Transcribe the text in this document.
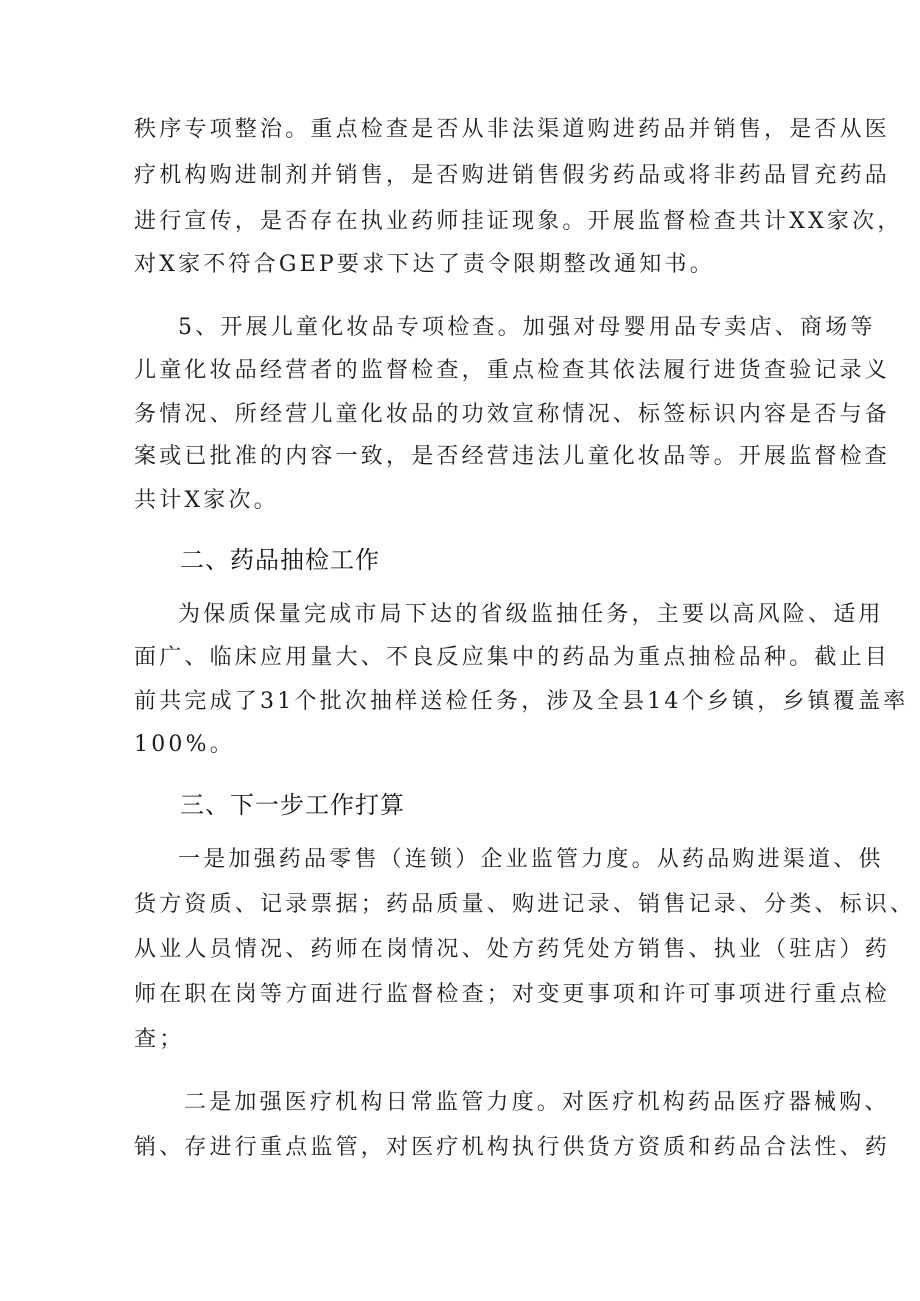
秩序专项整治。重点检查是否从非法渠道购进药品并销售，是否从医
疗机构购进制剂并销售，是否购进销售假劣药品或将非药品冒充药品
进行宣传，是否存在执业药师挂证现象。开展监督检查共计XX家次，
对X家不符合GΕP要求下达了责令限期整改通知书。
5、开展儿童化妆品专项检查。加强对母婴用品专卖店、商场等
儿童化妆品经营者的监督检查，重点检查其依法履行进货查验记录义
务情况、所经营儿童化妆品的功效宣称情况、标签标识内容是否与备
案或已批准的内容一致，是否经营违法儿童化妆品等。开展监督检查
共计X家次。
二、药品抽检工作
为保质保量完成市局下达的省级监抽任务，主要以高风险、适用
面广、临床应用量大、不良反应集中的药品为重点抽检品种。截止目
前共完成了31个批次抽样送检任务，涉及全县14个乡镇，乡镇覆盖率
100%。
三、下一步工作打算
一是加强药品零售（连锁）企业监管力度。从药品购进渠道、供
货方资质、记录票据；药品质量、购进记录、销售记录、分类、标识、
从业人员情况、药师在岗情况、处方药凭处方销售、执业（驻店）药
师在职在岗等方面进行监督检查；对变更事项和许可事项进行重点检
查；
二是加强医疗机构日常监管力度。对医疗机构药品医疗器械购、
销、存进行重点监管，对医疗机构执行供货方资质和药品合法性、药
